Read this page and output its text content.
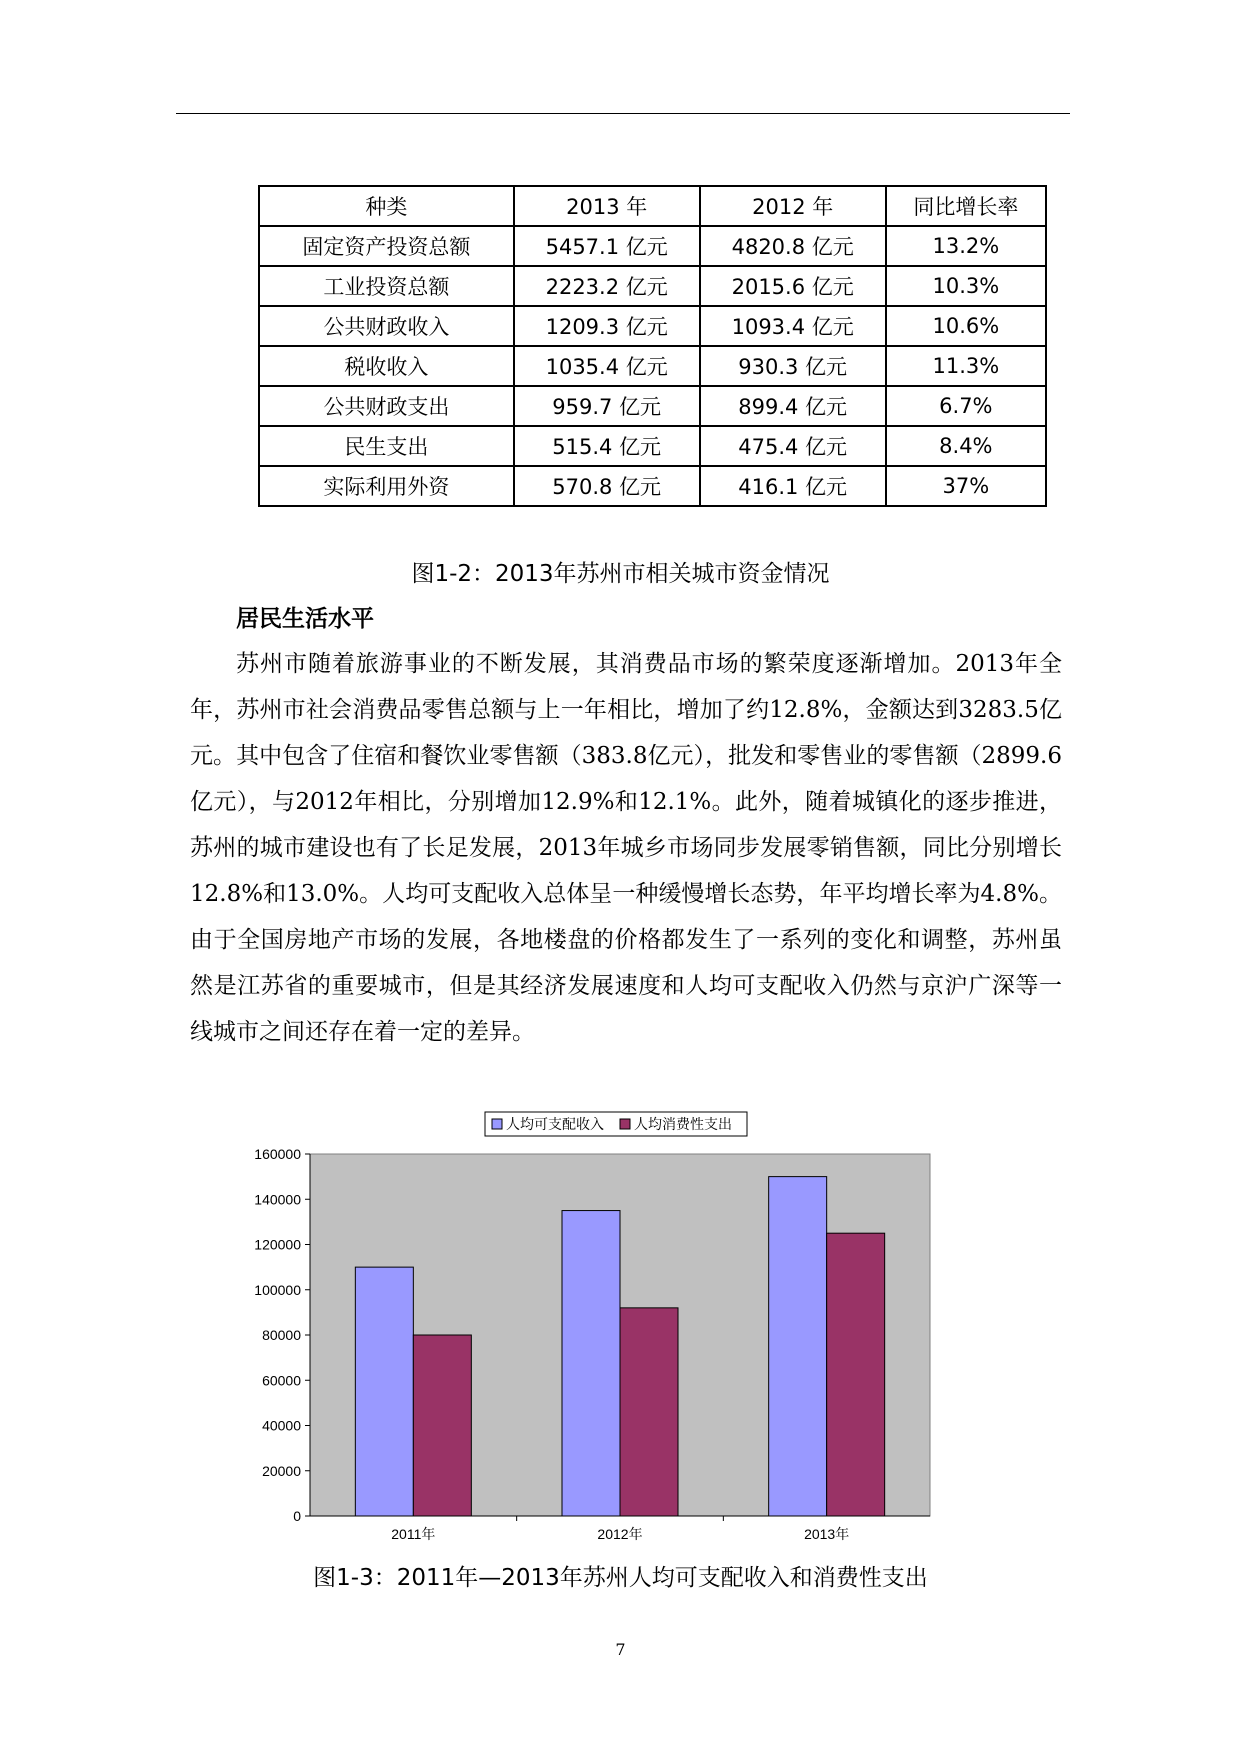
种类	2013 年	2012 年	同比增长率
固定资产投资总额	5457.1 亿元	4820.8 亿元	13.2%
工业投资总额	2223.2 亿元	2015.6 亿元	10.3%
公共财政收入	1209.3 亿元	1093.4 亿元	10.6%
税收收入	1035.4 亿元	930.3 亿元	11.3%
公共财政支出	959.7 亿元	899.4 亿元	6.7%
民生支出	515.4 亿元	475.4 亿元	8.4%
实际利用外资	570.8 亿元	416.1 亿元	37%
图1-2：2013年苏州市相关城市资金情况
居民生活水平
苏州市随着旅游事业的不断发展，其消费品市场的繁荣度逐渐增加。2013年全年，苏州市社会消费品零售总额与上一年相比，增加了约12.8%，金额达到3283.5亿元。其中包含了住宿和餐饮业零售额（383.8亿元），批发和零售业的零售额（2899.6亿元），与2012年相比，分别增加12.9%和12.1%。此外，随着城镇化的逐步推进，苏州的城市建设也有了长足发展，2013年城乡市场同步发展零销售额，同比分别增长12.8%和13.0%。人均可支配收入总体呈一种缓慢增长态势，年平均增长率为4.8%。由于全国房地产市场的发展，各地楼盘的价格都发生了一系列的变化和调整，苏州虽然是江苏省的重要城市，但是其经济发展速度和人均可支配收入仍然与京沪广深等一线城市之间还存在着一定的差异。
0
20000
40000
60000
80000
100000
120000
140000
160000
2011年	2012年	2013年
人均可支配收入 人均消费性支出
图1-3：2011年—2013年苏州人均可支配收入和消费性支出
7
